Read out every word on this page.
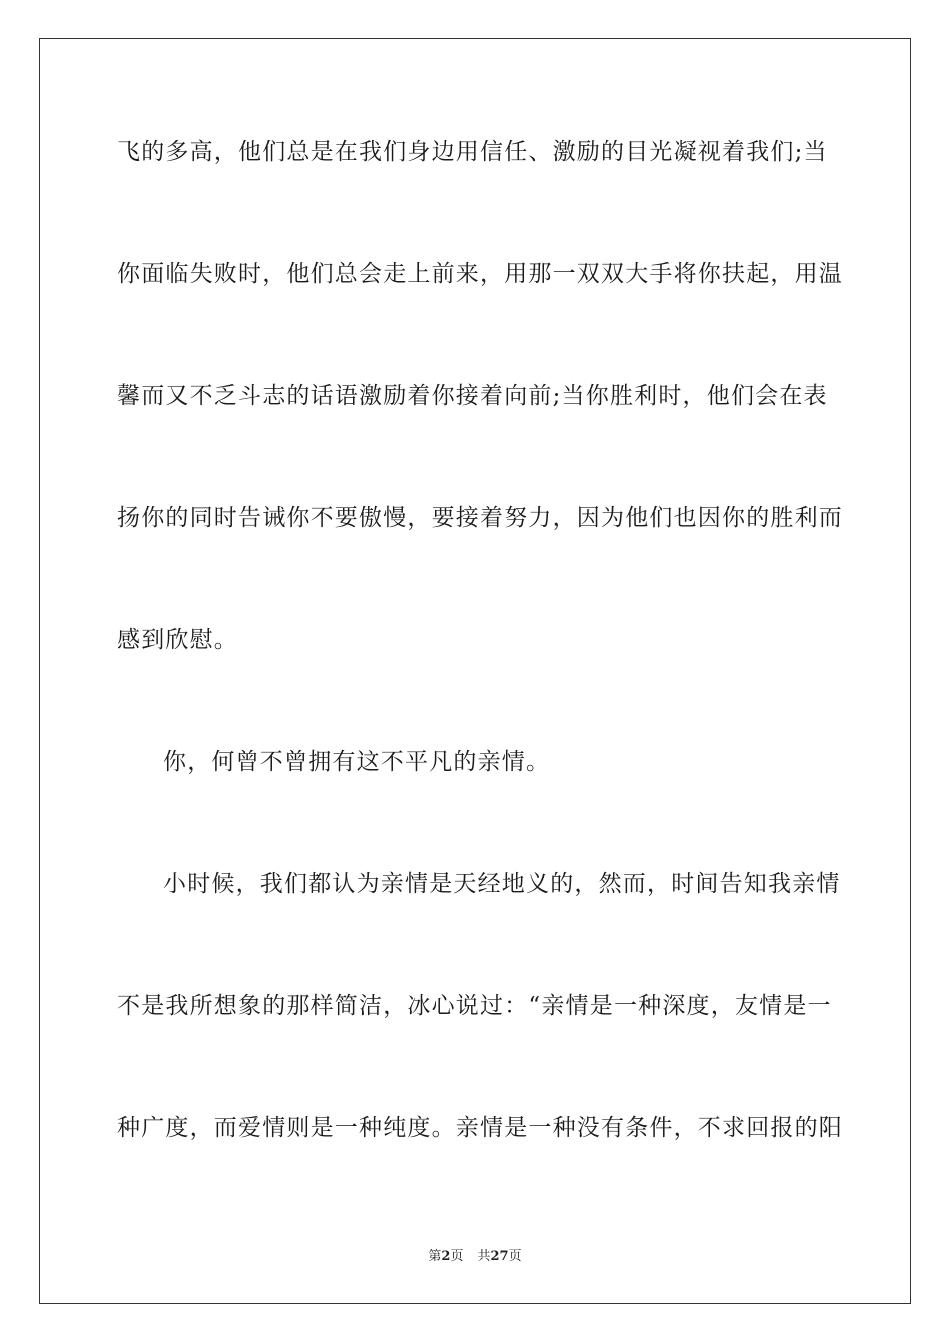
飞的多高，他们总是在我们身边用信任、激励的目光凝视着我们;当
你面临失败时，他们总会走上前来，用那一双双大手将你扶起，用温
馨而又不乏斗志的话语激励着你接着向前;当你胜利时，他们会在表
扬你的同时告诫你不要傲慢，要接着努力，因为他们也因你的胜利而
感到欣慰。
你，何曾不曾拥有这不平凡的亲情。
小时候，我们都认为亲情是天经地义的，然而，时间告知我亲情
不是我所想象的那样简洁，冰心说过：“亲情是一种深度，友情是一
种广度，而爱情则是一种纯度。亲情是一种没有条件，不求回报的阳
第2页 共27页
